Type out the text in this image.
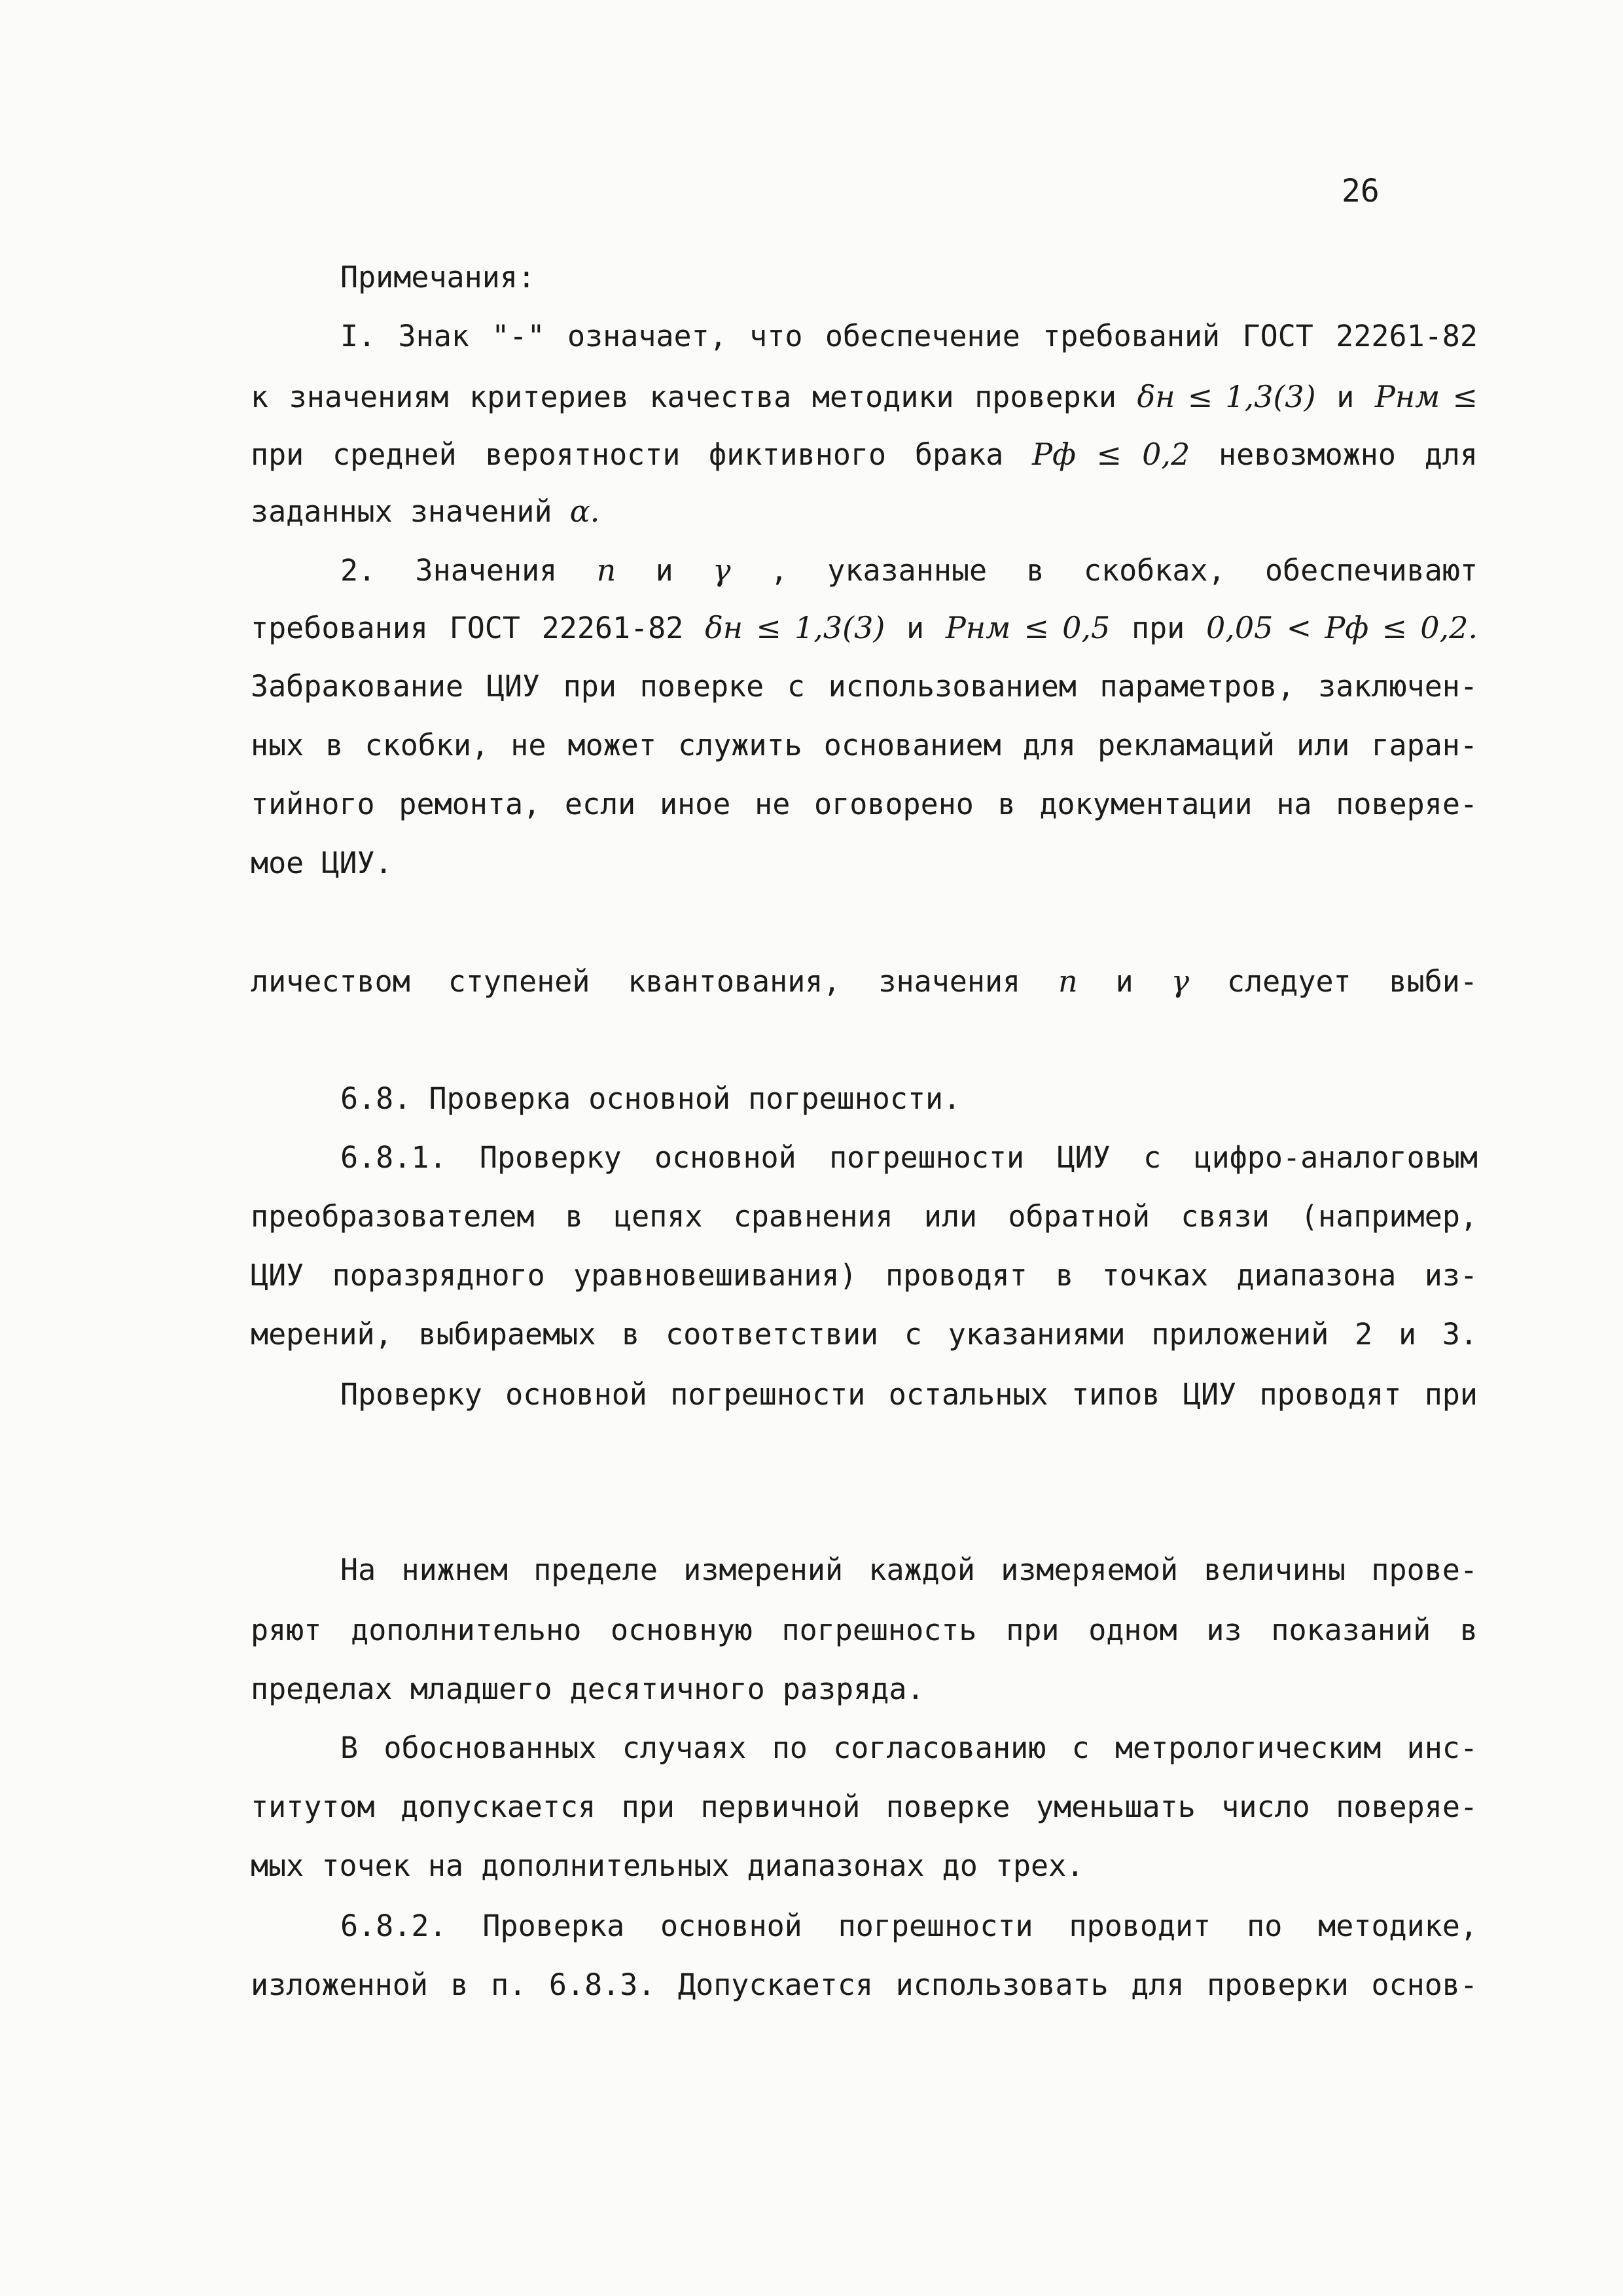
26
Примечания:
I. Знак "-" означает, что обеспечение требований ГОСТ 22261-82
к значениям критериев качества методики проверки δн ≤ 1,3(3) и Pнм ≤
при средней вероятности фиктивного брака Pф ≤ 0,2 невозможно для
заданных значений α.
2. Значения n и γ , указанные в скобках, обеспечивают
требования ГОСТ 22261-82 δн ≤ 1,3(3) и Pнм ≤ 0,5 при 0,05 < Pф ≤ 0,2.
Забракование ЦИУ при поверке с использованием параметров, заключен-
ных в скобки, не может служить основанием для рекламаций или гаран-
тийного ремонта, если иное не оговорено в документации на поверяе-
мое ЦИУ.

личеством ступеней квантования, значения n и γ следует выби-

6.8. Проверка основной погрешности.
6.8.1. Проверку основной погрешности ЦИУ с цифро-аналоговым
преобразователем в цепях сравнения или обратной связи (например,
ЦИУ поразрядного уравновешивания) проводят в точках диапазона из-
мерений, выбираемых в соответствии с указаниями приложений 2 и 3.
Проверку основной погрешности остальных типов ЦИУ проводят при

На нижнем пределе измерений каждой измеряемой величины прове-
ряют дополнительно основную погрешность при одном из показаний в
пределах младшего десятичного разряда.
В обоснованных случаях по согласованию с метрологическим инс-
титутом допускается при первичной поверке уменьшать число поверяе-
мых точек на дополнительных диапазонах до трех.
6.8.2. Проверка основной погрешности проводит по методике,
изложенной в п. 6.8.3. Допускается использовать для проверки основ-
